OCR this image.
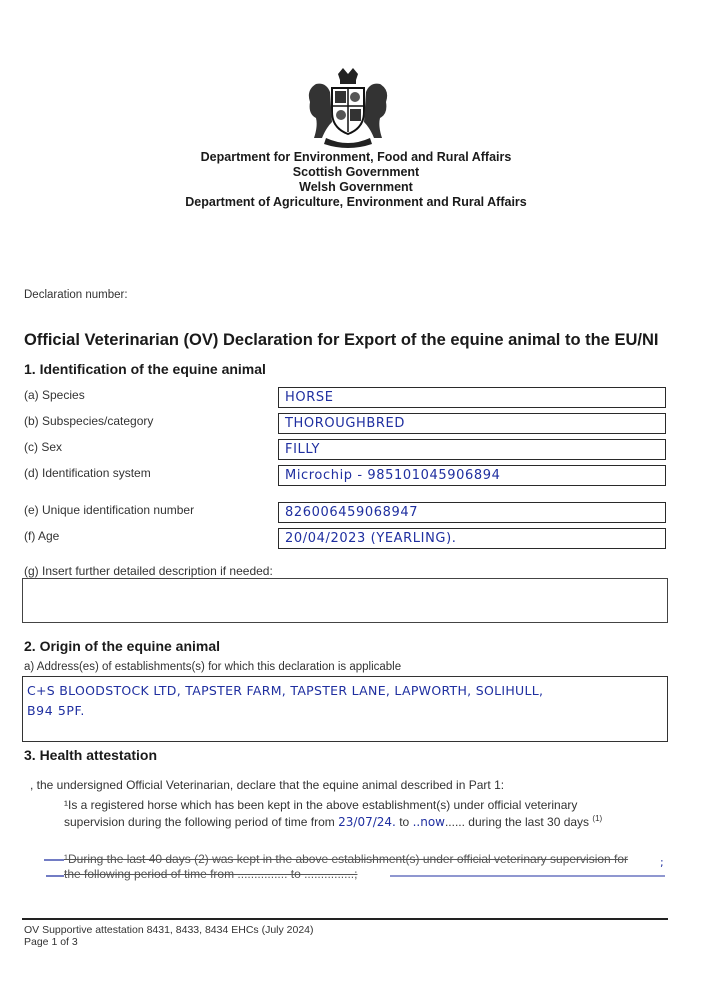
Department for Environment, Food and Rural Affairs
Scottish Government
Welsh Government
Department of Agriculture, Environment and Rural Affairs
Declaration number:
Official Veterinarian (OV) Declaration for Export of the equine animal to the EU/NI
1. Identification of the equine animal
(a) Species	HORSE
(b) Subspecies/category	THOROUGHBRED
(c) Sex	FILLY
(d) Identification system	Microchip - 985101045906894
(e) Unique identification number	826006459068947
(f) Age	20/04/2023 (YEARLING).
(g) Insert further detailed description if needed:
2. Origin of the equine animal
a) Address(es) of establishments(s) for which this declaration is applicable
C+S BLOODSTOCK LTD, TAPSTER FARM, TAPSTER LANE, LAPWORTH, SOLIHULL,
B94 5PF.
3. Health attestation
, the undersigned Official Veterinarian, declare that the equine animal described in Part 1:
¹Is a registered horse which has been kept in the above establishment(s) under official veterinary
supervision during the following period of time from 23/07/24. to ..now...... during the last 30 days $^{(1)}$
¹During the last 40 days (2) was kept in the above establishment(s) under official veterinary supervision for
the following period of time from ............... to ...............;
;
OV Supportive attestation 8431, 8433, 8434 EHCs (July 2024)
Page 1 of 3
